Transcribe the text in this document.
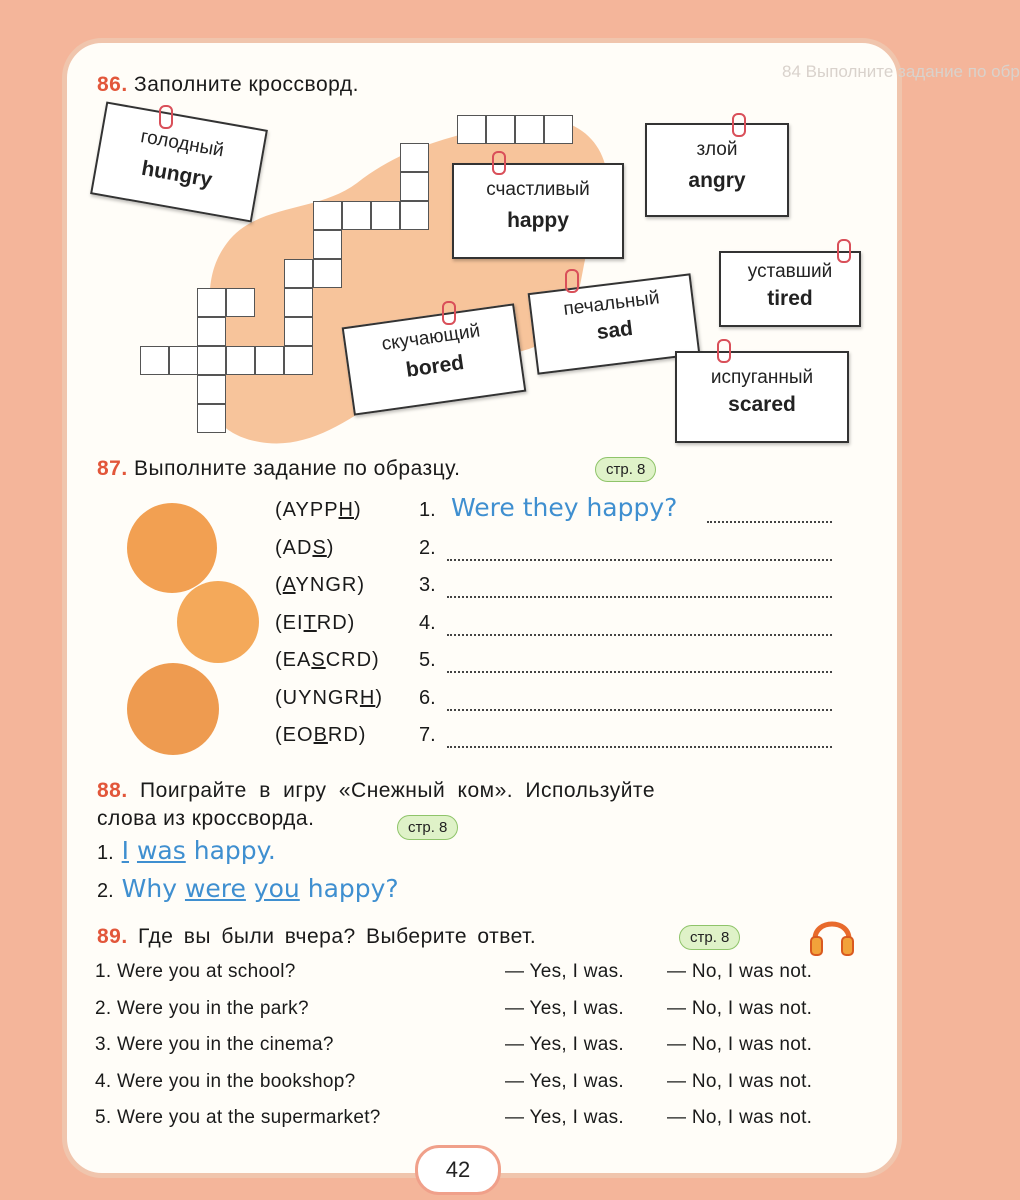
84 Выполните задание по обр
86. Заполните кроссворд.
голодный
hungry	счастливый
happy
злой
angry
уставший
tired
печальный
sad
скучающий
bored	испуганный
scared
87. Выполните задание по образцу.	стр. 8
(AYPPH)	1. Were they happy?
(ADS)	2.
(AYNGR)	3.
(EITRD)	4.
(EASCRD) 5.
(UYNGRH) 6.
(EOBRD)	7.
88. Поиграйте в игру «Снежный ком». Используйте
слова из кроссворда.	стр. 8
1. I was happy.
2. Why were you happy?
89. Где вы были вчера? Выберите ответ.	стр. 8
1. Were you at school?	— Yes, I was. — No, I was not.
2. Were you in the park?	— Yes, I was. — No, I was not.
3. Were you in the cinema?	— Yes, I was. — No, I was not.
4. Were you in the bookshop?	— Yes, I was. — No, I was not.
5. Were you at the supermarket?	— Yes, I was. — No, I was not.
42
